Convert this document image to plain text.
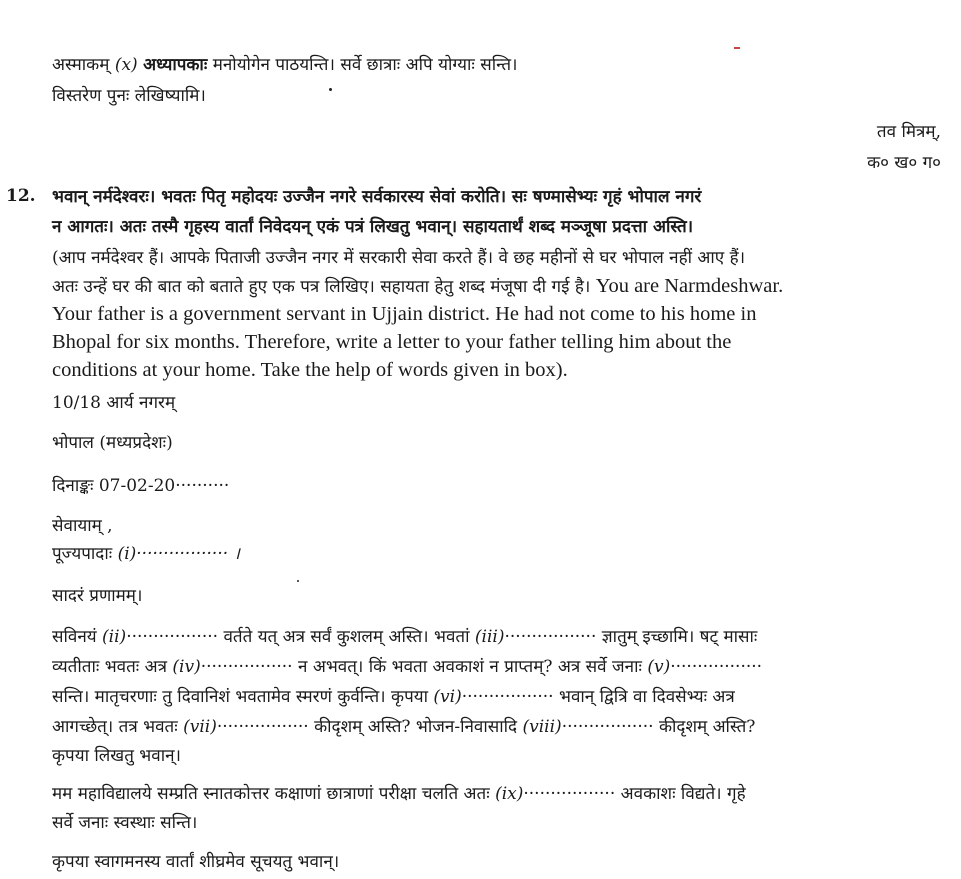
अस्माकम् (x) अध्यापकाः मनोयोगेन पाठयन्ति। सर्वे छात्राः अपि योग्याः सन्ति।
विस्तरेण पुनः लेखिष्यामि।
तव मित्रम्,
क० ख० ग०
12. भवान् नर्मदेश्वरः। भवतः पितृ महोदयः उज्जैन नगरे सर्वकारस्य सेवां करोति। सः षण्मासेभ्यः गृहं भोपाल नगरं
न आगतः। अतः तस्मै गृहस्य वार्तां निवेदयन् एकं पत्रं लिखतु भवान्। सहायतार्थं शब्द मञ्जूषा प्रदत्ता अस्ति।
(आप नर्मदेश्वर हैं। आपके पिताजी उज्जैन नगर में सरकारी सेवा करते हैं। वे छह महीनों से घर भोपाल नहीं आए हैं।
अतः उन्हें घर की बात को बताते हुए एक पत्र लिखिए। सहायता हेतु शब्द मंजूषा दी गई है। You are Narmdeshwar.
Your father is a government servant in Ujjain district. He had not come to his home in
Bhopal for six months. Therefore, write a letter to your father telling him about the
conditions at your home. Take the help of words given in box).
10/18 आर्य नगरम्
भोपाल (मध्यप्रदेशः)
दिनाङ्कः 07-02-20··········
सेवायाम् ,
पूज्यपादाः (i)················· ।
सादरं प्रणामम्।
सविनयं (ii)················· वर्तते यत् अत्र सर्वं कुशलम् अस्ति। भवतां (iii)················· ज्ञातुम् इच्छामि। षट् मासाः
व्यतीताः भवतः अत्र (iv)················· न अभवत्। किं भवता अवकाशं न प्राप्तम्? अत्र सर्वे जनाः (v)·················
सन्ति। मातृचरणाः तु दिवानिशं भवतामेव स्मरणं कुर्वन्ति। कृपया (vi)················· भवान् द्वित्रि वा दिवसेभ्यः अत्र
आगच्छेत्। तत्र भवतः (vii)················· कीदृशम् अस्ति? भोजन-निवासादि (viii)················· कीदृशम् अस्ति?
कृपया लिखतु भवान्।
मम महाविद्यालये सम्प्रति स्नातकोत्तर कक्षाणां छात्राणां परीक्षा चलति अतः (ix)················· अवकाशः विद्यते। गृहे
सर्वे जनाः स्वस्थाः सन्ति।
कृपया स्वागमनस्य वार्तां शीघ्रमेव सूचयतु भवान्।
